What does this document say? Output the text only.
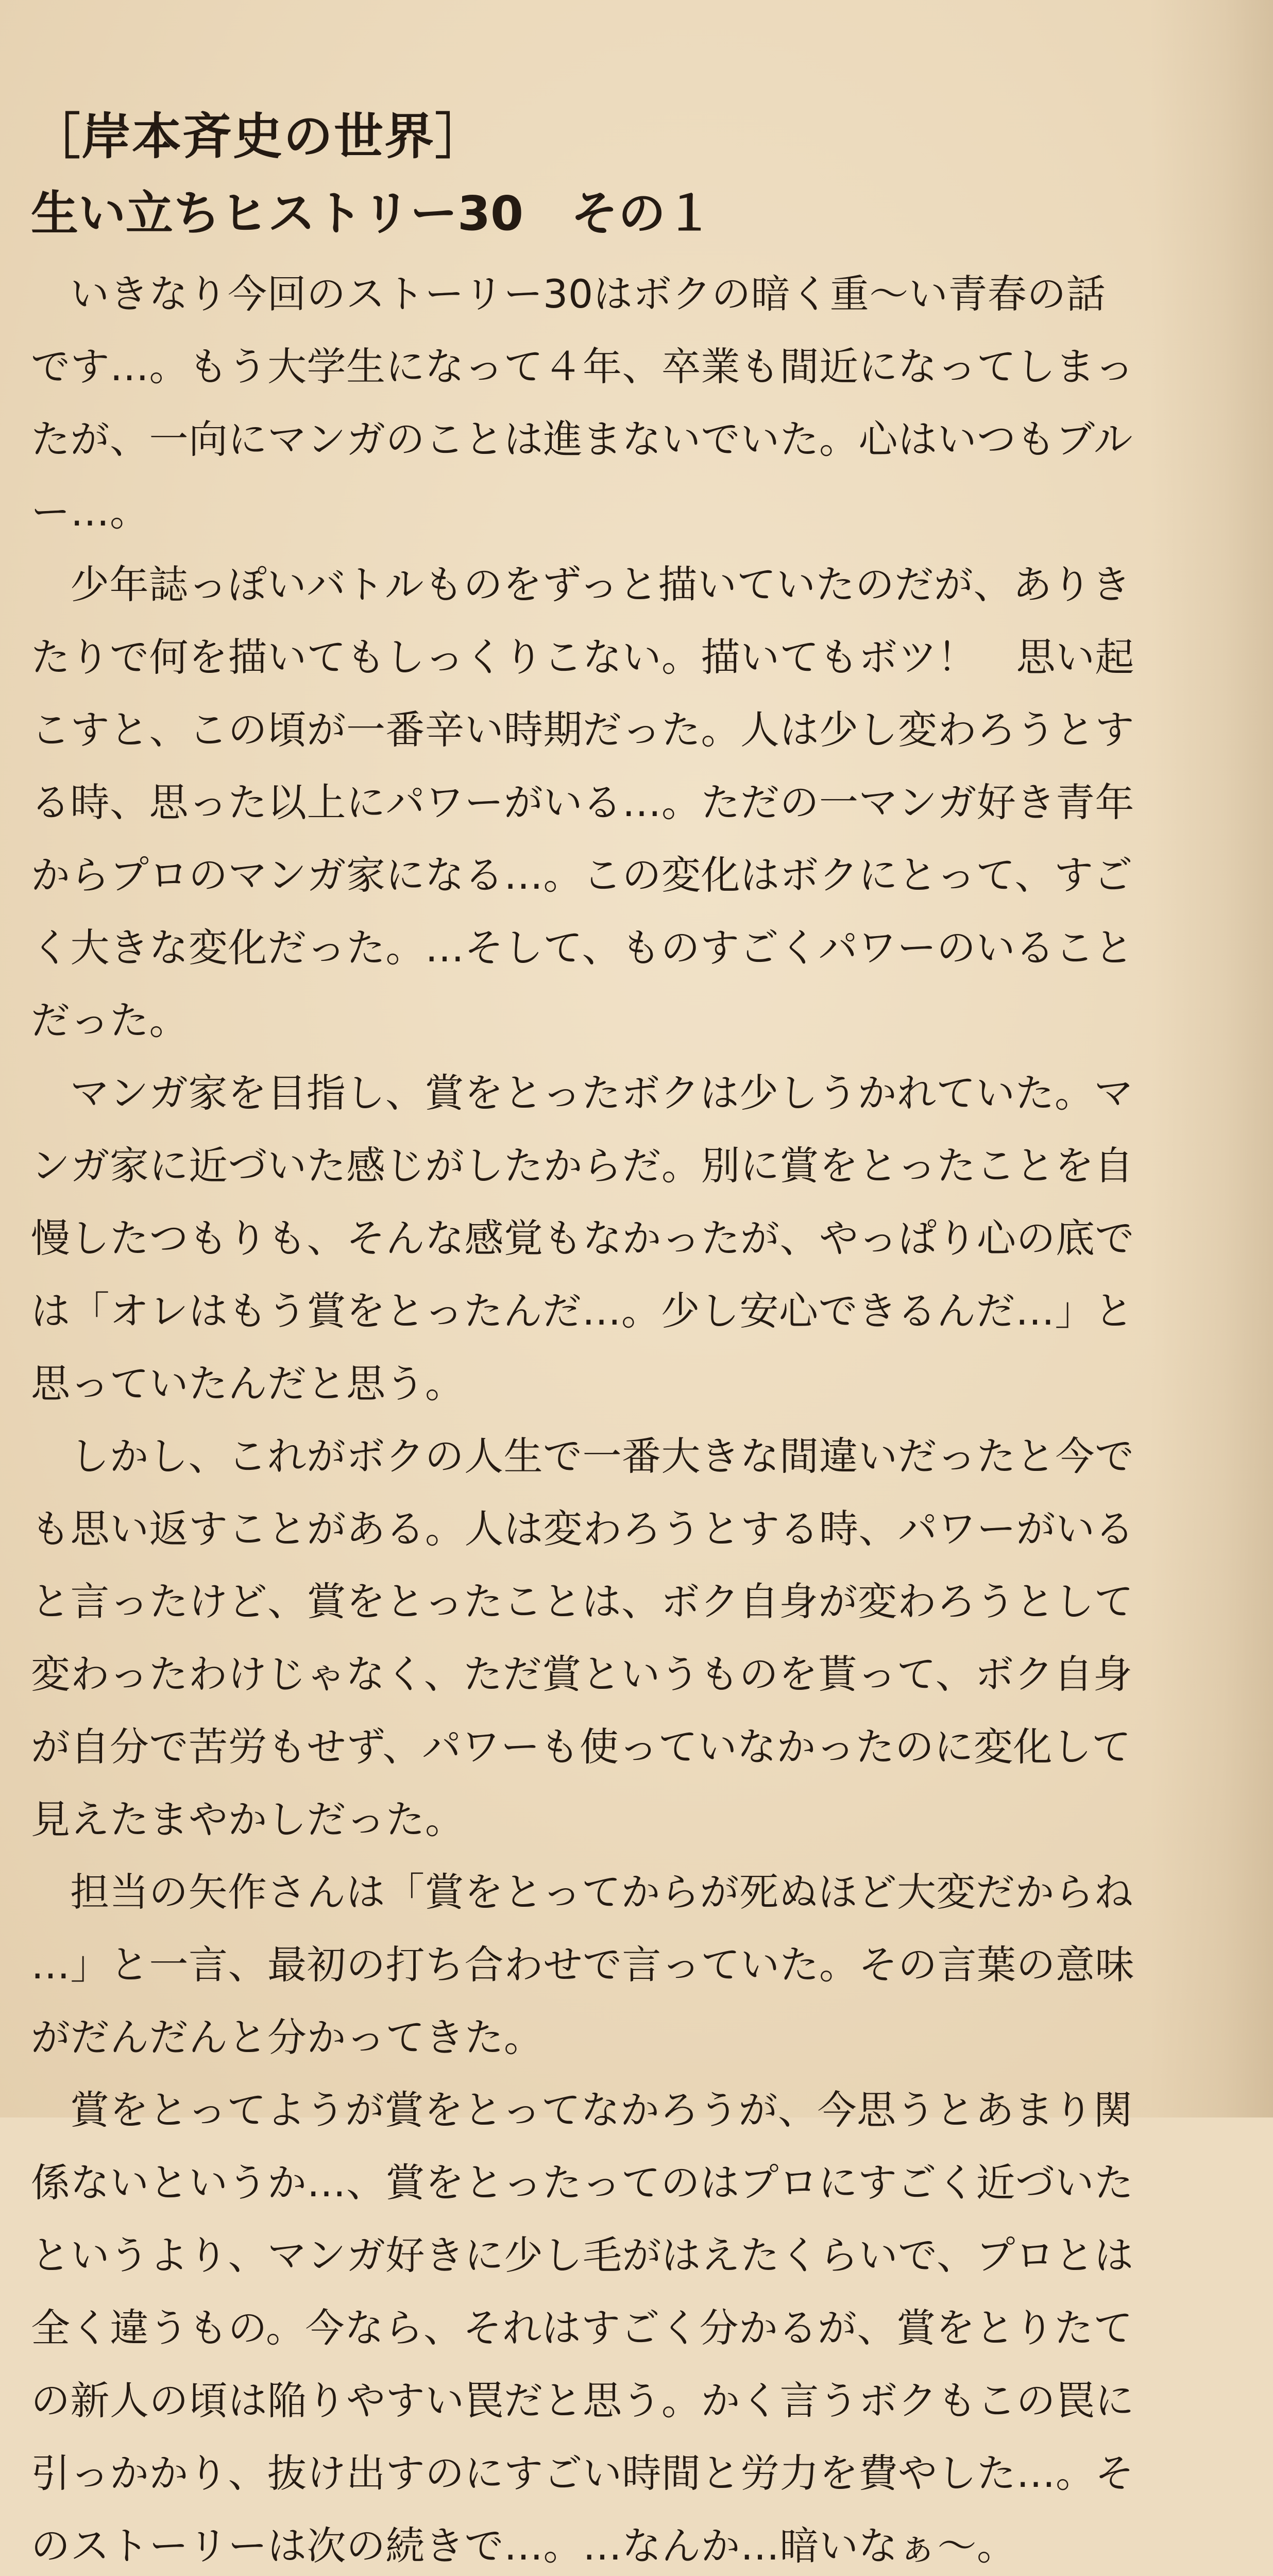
［岸本斉史の世界］
生い立ちヒストリー30　その１

いきなり今回のストーリー30はボクの暗く重〜い青春の話です…。もう大学生になって４年、卒業も間近になってしまったが、一向にマンガのことは進まないでいた。心はいつもブルー…。

少年誌っぽいバトルものをずっと描いていたのだが、ありきたりで何を描いてもしっくりこない。描いてもボツ！　思い起こすと、この頃が一番辛い時期だった。人は少し変わろうとする時、思った以上にパワーがいる…。ただの一マンガ好き青年からプロのマンガ家になる…。この変化はボクにとって、すごく大きな変化だった。…そして、ものすごくパワーのいることだった。

マンガ家を目指し、賞をとったボクは少しうかれていた。マンガ家に近づいた感じがしたからだ。別に賞をとったことを自慢したつもりも、そんな感覚もなかったが、やっぱり心の底では「オレはもう賞をとったんだ…。少し安心できるんだ…」と思っていたんだと思う。

しかし、これがボクの人生で一番大きな間違いだったと今でも思い返すことがある。人は変わろうとする時、パワーがいると言ったけど、賞をとったことは、ボク自身が変わろうとして変わったわけじゃなく、ただ賞というものを貰って、ボク自身が自分で苦労もせず、パワーも使っていなかったのに変化して見えたまやかしだった。

担当の矢作さんは「賞をとってからが死ぬほど大変だからね…」と一言、最初の打ち合わせで言っていた。その言葉の意味がだんだんと分かってきた。

賞をとってようが賞をとってなかろうが、今思うとあまり関係ないというか…、賞をとったってのはプロにすごく近づいたというより、マンガ好きに少し毛がはえたくらいで、プロとは全く違うもの。今なら、それはすごく分かるが、賞をとりたての新人の頃は陥りやすい罠だと思う。かく言うボクもこの罠に引っかかり、抜け出すのにすごい時間と労力を費やした…。そのストーリーは次の続きで…。…なんか…暗いなぁ〜。
